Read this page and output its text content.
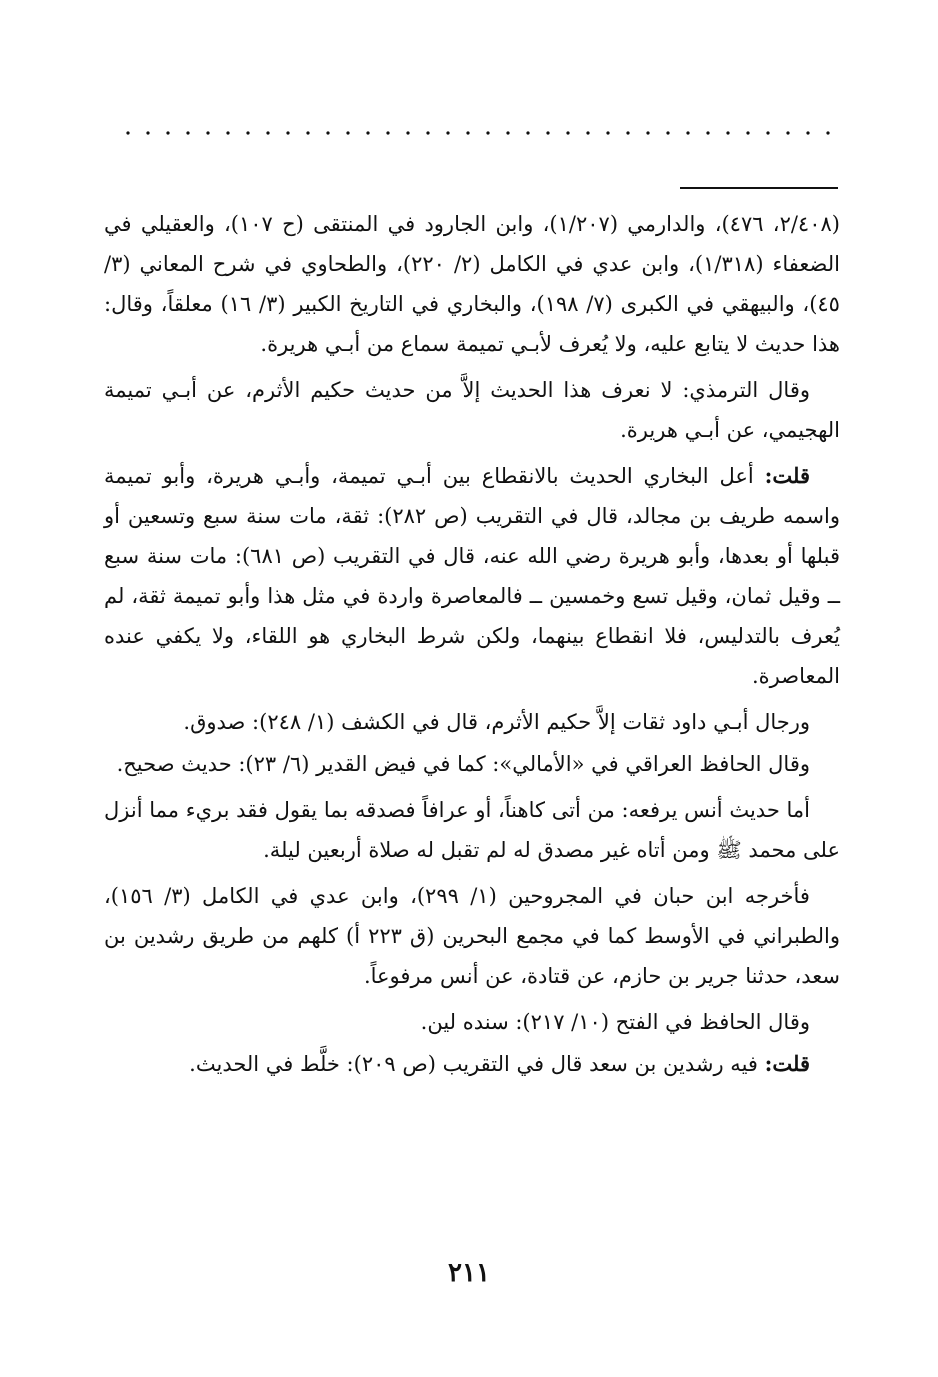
(٢/٤٠٨، ٤٧٦)، والدارمي (١/٢٠٧)، وابن الجارود في المنتقى (ح ١٠٧)، والعقيلي في الضعفاء (١/٣١٨)، وابن عدي في الكامل (٢/ ٢٢٠)، والطحاوي في شرح المعاني (٣/ ٤٥)، والبيهقي في الكبرى (٧/ ١٩٨)، والبخاري في التاريخ الكبير (٣/ ١٦) معلقاً، وقال: هذا حديث لا يتابع عليه، ولا يُعرف لأبـي تميمة سماع من أبـي هريرة.

وقال الترمذي: لا نعرف هذا الحديث إلاَّ من حديث حكيم الأثرم، عن أبـي تميمة الهجيمي، عن أبـي هريرة.

قلت: أعل البخاري الحديث بالانقطاع بين أبـي تميمة، وأبـي هريرة، وأبو تميمة واسمه طريف بن مجالد، قال في التقريب (ص ٢٨٢): ثقة، مات سنة سبع وتسعين أو قبلها أو بعدها، وأبو هريرة رضي الله عنه، قال في التقريب (ص ٦٨١): مات سنة سبع ــ وقيل ثمان، وقيل تسع وخمسين ــ فالمعاصرة واردة في مثل هذا وأبو تميمة ثقة، لم يُعرف بالتدليس، فلا انقطاع بينهما، ولكن شرط البخاري هو اللقاء، ولا يكفي عنده المعاصرة.

ورجال أبـي داود ثقات إلاَّ حكيم الأثرم، قال في الكشف (١/ ٢٤٨): صدوق.

وقال الحافظ العراقي في «الأمالي»: كما في فيض القدير (٦/ ٢٣): حديث صحيح.

أما حديث أنس يرفعه: من أتى كاهناً، أو عرافاً فصدقه بما يقول فقد بريء مما أنزل على محمد ﷺ ومن أتاه غير مصدق له لم تقبل له صلاة أربعين ليلة.

فأخرجه ابن حبان في المجروحين (١/ ٢٩٩)، وابن عدي في الكامل (٣/ ١٥٦)، والطبراني في الأوسط كما في مجمع البحرين (ق ٢٢٣ أ) كلهم من طريق رشدين بن سعد، حدثنا جرير بن حازم، عن قتادة، عن أنس مرفوعاً.

وقال الحافظ في الفتح (١٠/ ٢١٧): سنده لين.

قلت: فيه رشدين بن سعد قال في التقريب (ص ٢٠٩): خلَّط في الحديث.

٢١١
